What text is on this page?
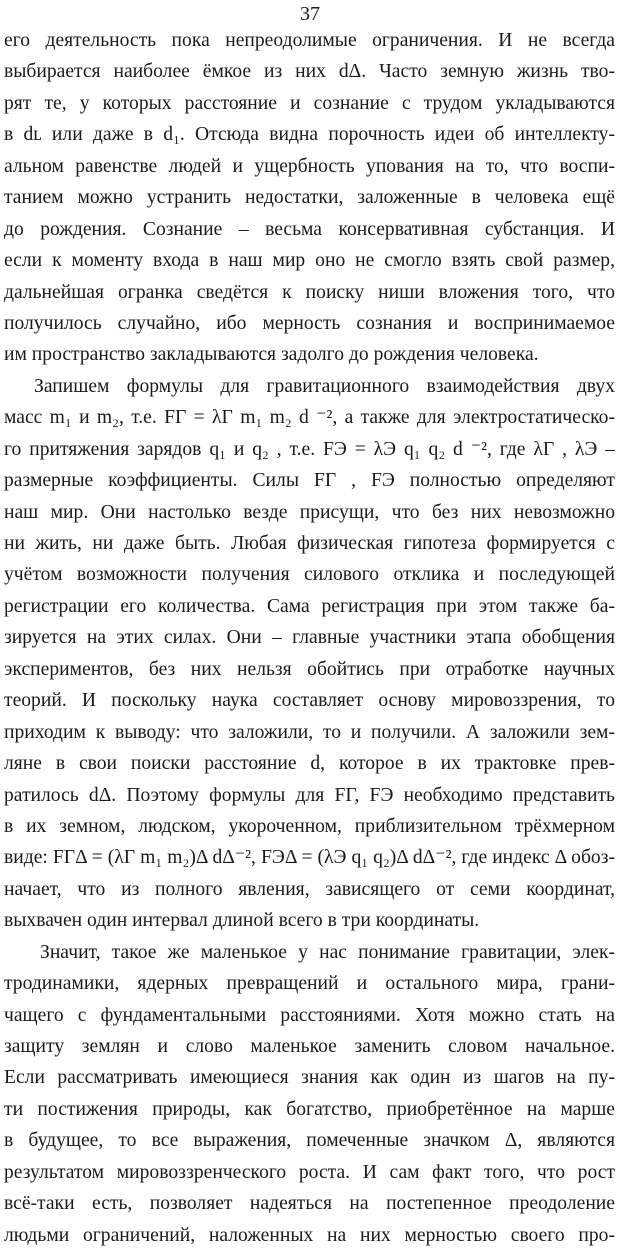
37
его деятельность пока непреодолимые ограничения. И не всегда
выбирается наиболее ёмкое из них dΔ. Часто земную жизнь тво-
рят те, у которых расстояние и сознание с трудом укладываются
в dʟ или даже в d₁. Отсюда видна порочность идеи об интеллекту-
альном равенстве людей и ущербность упования на то, что воспи-
танием можно устранить недостатки, заложенные в человека ещё
до рождения. Сознание – весьма консервативная субстанция. И
если к моменту входа в наш мир оно не смогло взять свой размер,
дальнейшая огранка сведётся к поиску ниши вложения того, что
получилось случайно, ибо мерность сознания и воспринимаемое
им пространство закладываются задолго до рождения человека.
Запишем формулы для гравитационного взаимодействия двух
масс m₁ и m₂, т.е. FГ = λГ m₁ m₂ d ⁻², а также для электростатическо-
го притяжения зарядов q₁ и q₂ , т.е. FЭ = λЭ q₁ q₂ d ⁻², где λГ , λЭ –
размерные коэффициенты. Силы FГ , FЭ полностью определяют
наш мир. Они настолько везде присущи, что без них невозможно
ни жить, ни даже быть. Любая физическая гипотеза формируется с
учётом возможности получения силового отклика и последующей
регистрации его количества. Сама регистрация при этом также ба-
зируется на этих силах. Они – главные участники этапа обобщения
экспериментов, без них нельзя обойтись при отработке научных
теорий. И поскольку наука составляет основу мировоззрения, то
приходим к выводу: что заложили, то и получили. А заложили зем-
ляне в свои поиски расстояние d, которое в их трактовке прев-
ратилось dΔ. Поэтому формулы для FГ, FЭ необходимо представить
в их земном, людском, укороченном, приблизительном трёхмерном
виде: FГΔ = (λГ m₁ m₂)Δ dΔ⁻², FЭΔ = (λЭ q₁ q₂)Δ dΔ⁻², где индекс Δ обоз-
начает, что из полного явления, зависящего от семи координат,
выхвачен один интервал длиной всего в три координаты.
Значит, такое же маленькое у нас понимание гравитации, элек-
тродинамики, ядерных превращений и остального мира, грани-
чащего с фундаментальными расстояниями. Хотя можно стать на
защиту землян и слово маленькое заменить словом начальное.
Если рассматривать имеющиеся знания как один из шагов на пу-
ти постижения природы, как богатство, приобретённое на марше
в будущее, то все выражения, помеченные значком Δ, являются
результатом мировоззренческого роста. И сам факт того, что рост
всё-таки есть, позволяет надеяться на постепенное преодоление
людьми ограничений, наложенных на них мерностью своего про-
